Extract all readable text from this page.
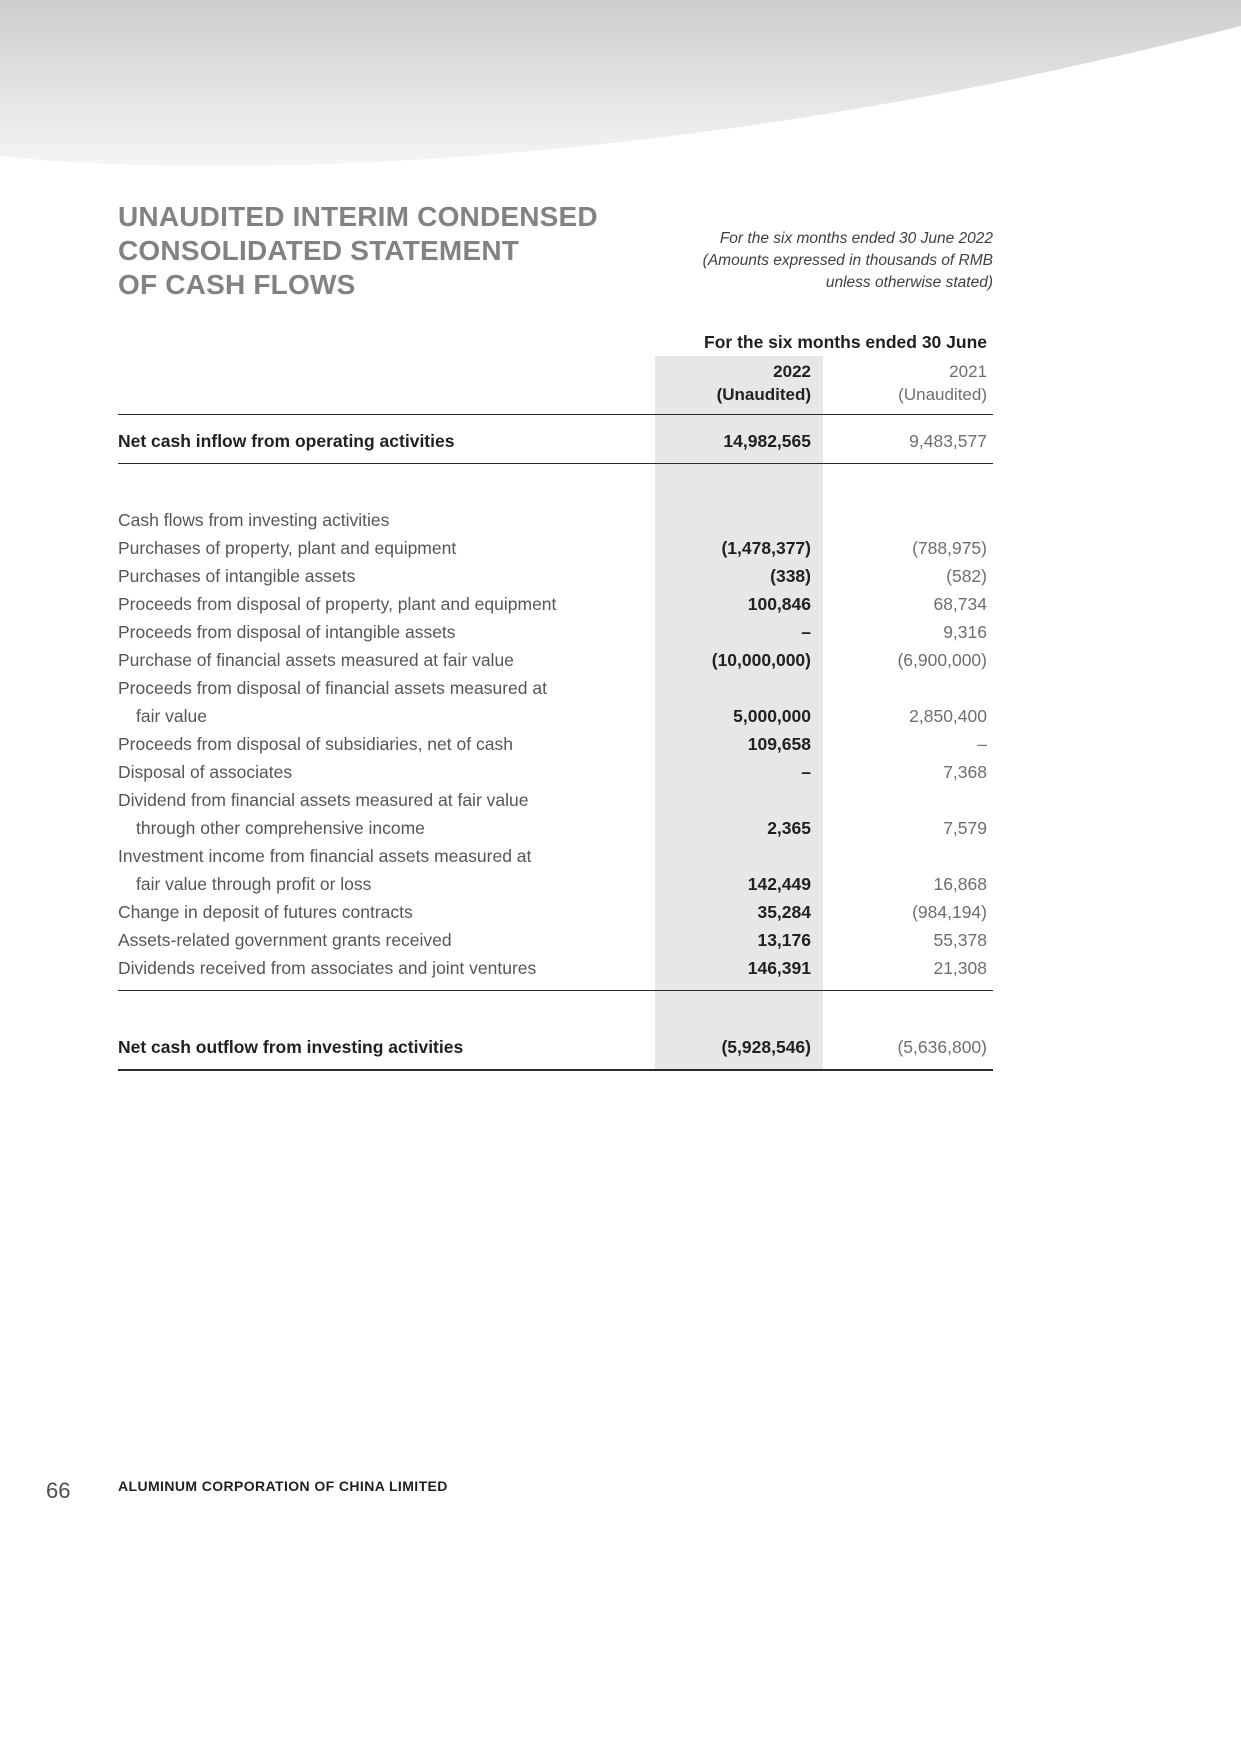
UNAUDITED INTERIM CONDENSED
CONSOLIDATED STATEMENT
OF CASH FLOWS
For the six months ended 30 June 2022
(Amounts expressed in thousands of RMB
unless otherwise stated)
For the six months ended 30 June
2022
(Unaudited)
2021
(Unaudited)
Net cash inflow from operating activities	14,982,565	9,483,577
Cash flows from investing activities
Purchases of property, plant and equipment	(1,478,377)	(788,975)
Purchases of intangible assets	(338)	(582)
Proceeds from disposal of property, plant and equipment	100,846	68,734
Proceeds from disposal of intangible assets	–	9,316
Purchase of financial assets measured at fair value	(10,000,000)	(6,900,000)
Proceeds from disposal of financial assets measured at
fair value	5,000,000	2,850,400
Proceeds from disposal of subsidiaries, net of cash	109,658	–
Disposal of associates	–	7,368
Dividend from financial assets measured at fair value
through other comprehensive income	2,365	7,579
Investment income from financial assets measured at
fair value through profit or loss	142,449	16,868
Change in deposit of futures contracts	35,284	(984,194)
Assets-related government grants received	13,176	55,378
Dividends received from associates and joint ventures	146,391	21,308
Net cash outflow from investing activities	(5,928,546)	(5,636,800)
66	ALUMINUM CORPORATION OF CHINA LIMITED
